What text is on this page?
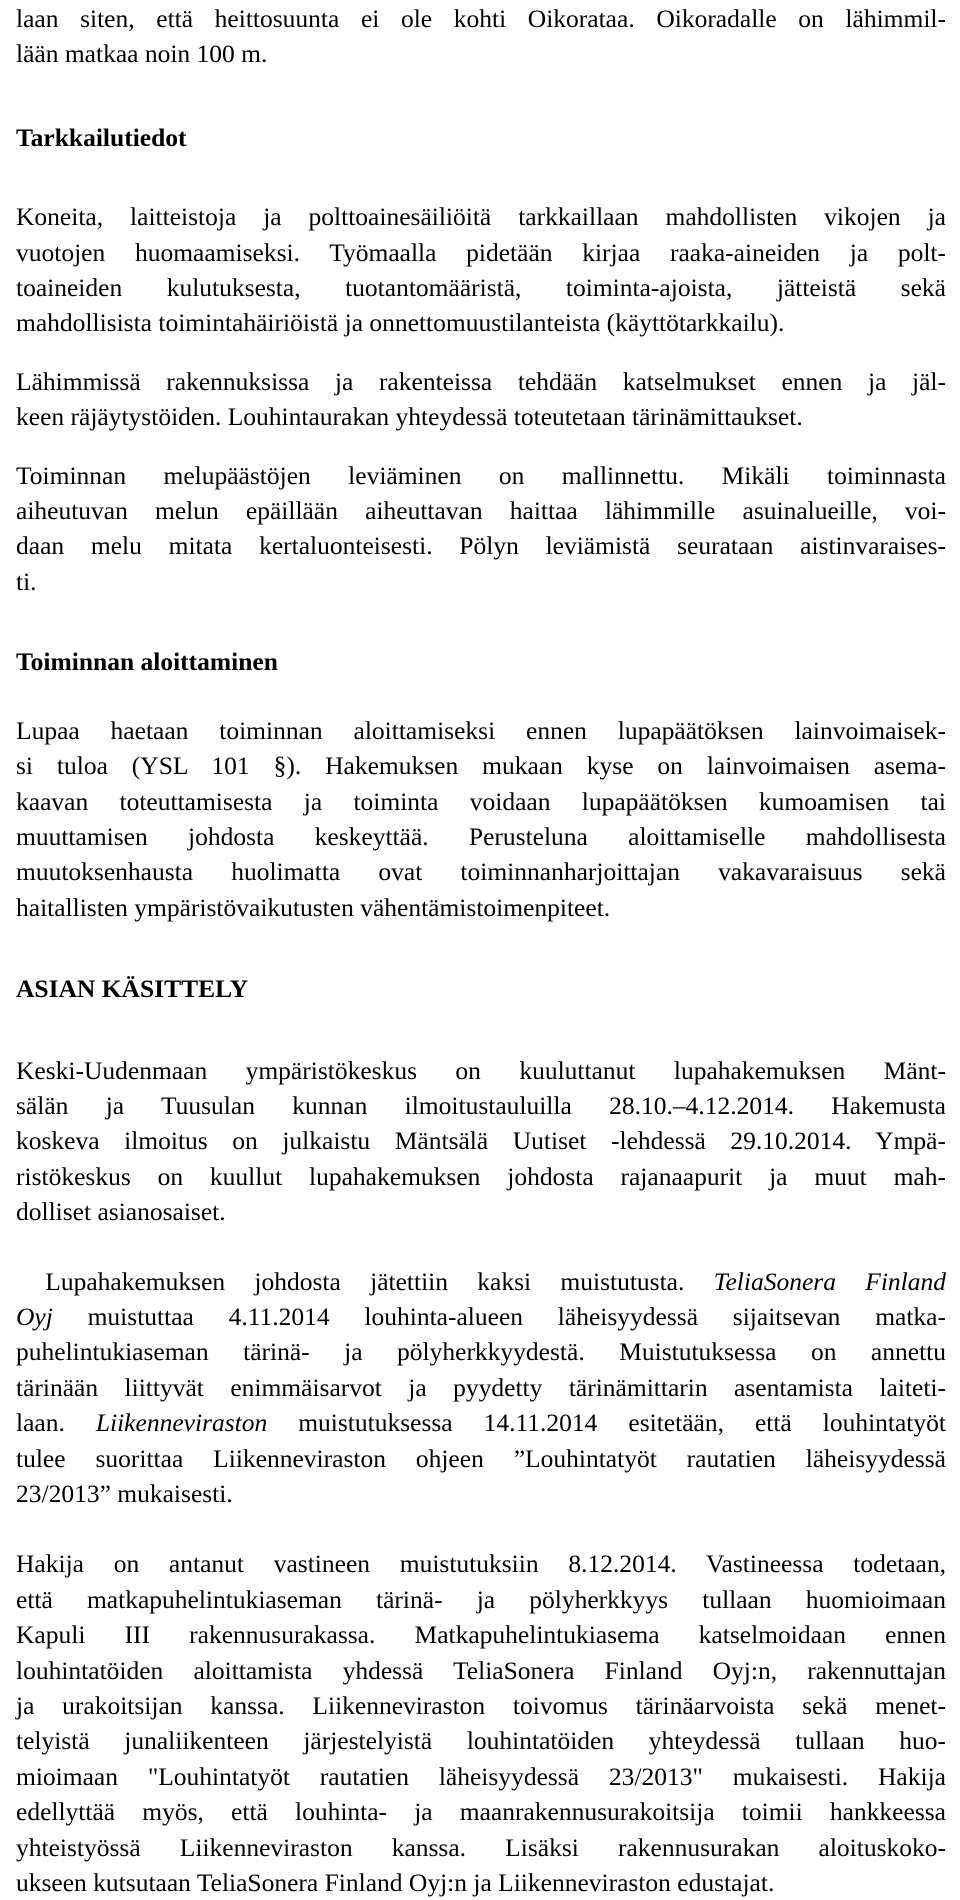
laan siten, että heittosuunta ei ole kohti Oikorataa. Oikoradalle on lähimmil-
lään matkaa noin 100 m.

Tarkkailutiedot

Koneita, laitteistoja ja polttoainesäiliöitä tarkkaillaan mahdollisten vikojen ja
vuotojen huomaamiseksi. Työmaalla pidetään kirjaa raaka-aineiden ja polt-
toaineiden kulutuksesta, tuotantomääristä, toiminta-ajoista, jätteistä sekä
mahdollisista toimintahäiriöistä ja onnettomuustilanteista (käyttötarkkailu).

Lähimmissä rakennuksissa ja rakenteissa tehdään katselmukset ennen ja jäl-
keen räjäytystöiden. Louhintaurakan yhteydessä toteutetaan tärinämittaukset.

Toiminnan melupäästöjen leviäminen on mallinnettu. Mikäli toiminnasta
aiheutuvan melun epäillään aiheuttavan haittaa lähimmille asuinalueille, voi-
daan melu mitata kertaluonteisesti. Pölyn leviämistä seurataan aistinvaraises-
ti.

Toiminnan aloittaminen

Lupaa haetaan toiminnan aloittamiseksi ennen lupapäätöksen lainvoimaisek-
si tuloa (YSL 101 §). Hakemuksen mukaan kyse on lainvoimaisen asema-
kaavan toteuttamisesta ja toiminta voidaan lupapäätöksen kumoamisen tai
muuttamisen johdosta keskeyttää. Perusteluna aloittamiselle mahdollisesta
muutoksenhausta huolimatta ovat toiminnanharjoittajan vakavaraisuus sekä
haitallisten ympäristövaikutusten vähentämistoimenpiteet.

ASIAN KÄSITTELY

Keski-Uudenmaan ympäristökeskus on kuuluttanut lupahakemuksen Mänt-
sälän ja Tuusulan kunnan ilmoitustauluilla 28.10.–4.12.2014. Hakemusta
koskeva ilmoitus on julkaistu Mäntsälä Uutiset -lehdessä 29.10.2014. Ympä-
ristökeskus on kuullut lupahakemuksen johdosta rajanaapurit ja muut mah-
dolliset asianosaiset.

Lupahakemuksen johdosta jätettiin kaksi muistutusta. TeliaSonera Finland
Oyj muistuttaa 4.11.2014 louhinta-alueen läheisyydessä sijaitsevan matka-
puhelintukiaseman tärinä- ja pölyherkkyydestä. Muistutuksessa on annettu
tärinään liittyvät enimmäisarvot ja pyydetty tärinämittarin asentamista laiteti-
laan. Liikenneviraston muistutuksessa 14.11.2014 esitetään, että louhintatyöt
tulee suorittaa Liikenneviraston ohjeen ”Louhintatyöt rautatien läheisyydessä
23/2013” mukaisesti.

Hakija on antanut vastineen muistutuksiin 8.12.2014. Vastineessa todetaan,
että matkapuhelintukiaseman tärinä- ja pölyherkkyys tullaan huomioimaan
Kapuli III rakennusurakassa. Matkapuhelintukiasema katselmoidaan ennen
louhintatöiden aloittamista yhdessä TeliaSonera Finland Oyj:n, rakennuttajan
ja urakoitsijan kanssa. Liikenneviraston toivomus tärinäarvoista sekä menet-
telyistä junaliikenteen järjestelyistä louhintatöiden yhteydessä tullaan huo-
mioimaan "Louhintatyöt rautatien läheisyydessä 23/2013" mukaisesti. Hakija
edellyttää myös, että louhinta- ja maanrakennusurakoitsija toimii hankkeessa
yhteistyössä Liikenneviraston kanssa. Lisäksi rakennusurakan aloituskoko-
ukseen kutsutaan TeliaSonera Finland Oyj:n ja Liikenneviraston edustajat.
